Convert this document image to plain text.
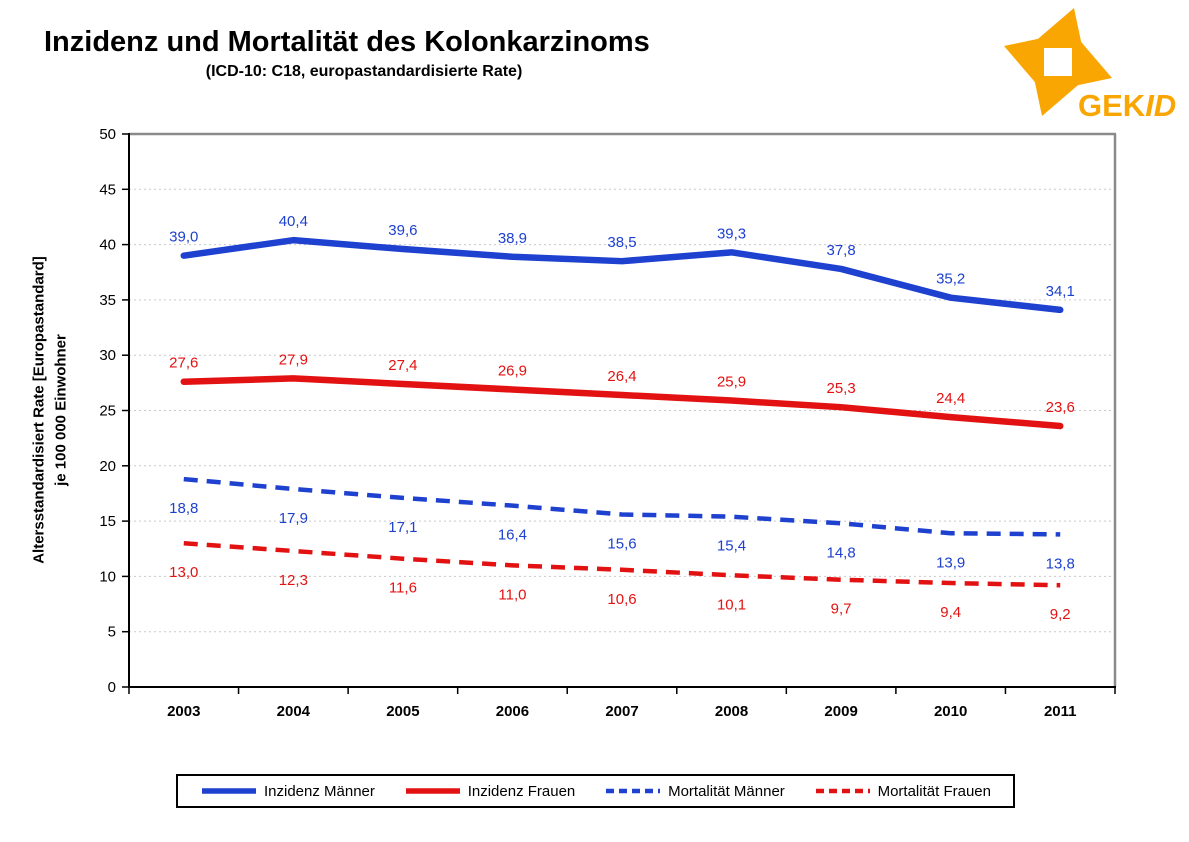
Inzidenz und Mortalität des Kolonkarzinoms
(ICD-10: C18, europastandardisierte Rate)
GEKID
Altersstandardisiert Rate [Europastandard] je 100 000 Einwohner
0
5
10
15
20
25
30
35
40
45
50
2003	2004	2005	2006	2007	2008	2009	2010	2011
39,0
40,4
39,6	38,9	38,5
39,3
37,8
35,2
34,1
27,6	27,9	27,4	26,9	26,4	25,9	25,3
24,4
23,6
18,8
17,9
17,1	16,4
15,6	15,4	14,8
13,9	13,8
13,0	12,3	11,6	11,0	10,6	10,1	9,7	9,4	9,2
Inzidenz Männer	Inzidenz Frauen	Mortalität Männer	Mortalität Frauen
